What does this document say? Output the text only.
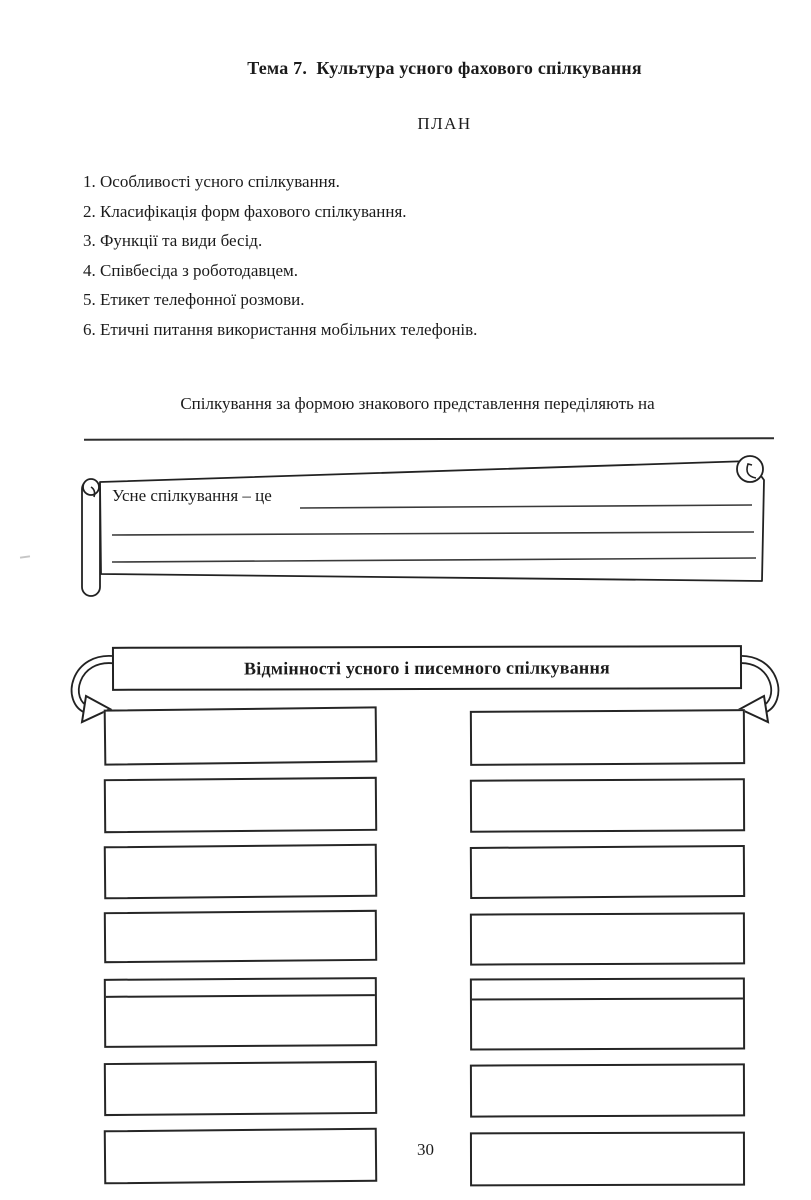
Тема 7.  Культура усного фахового спілкування
ПЛАН
1. Особливості усного спілкування.
2. Класифікація форм фахового спілкування.
3. Функції та види бесід.
4. Співбесіда з роботодавцем.
5. Етикет телефонної розмови.
6. Етичні питання використання мобільних телефонів.
Спілкування за формою знакового представлення переділяють на
Усне спілкування – це
Відмінності усного і писемного спілкування
30
